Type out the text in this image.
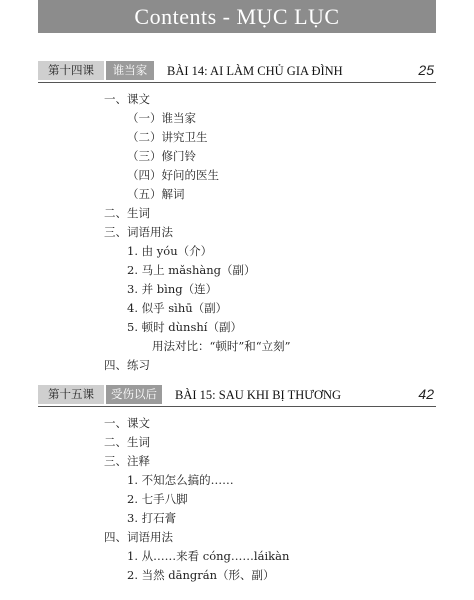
Contents - MỤC LỤC
第十四课	谁当家	BÀI 14: AI LÀM CHỦ GIA ĐÌNH	25
一、课文
（一）谁当家
（二）讲究卫生
（三）修门铃
（四）好问的医生
（五）解词
二、生词
三、词语用法
1. 由 yóu（介）
2. 马上 mǎshàng（副）
3. 并 bìng（连）
4. 似乎 sìhū（副）
5. 顿时 dùnshí（副）
用法对比：“顿时”和“立刻”
四、练习
第十五课	受伤以后	BÀI 15: SAU KHI BỊ THƯƠNG	42
一、课文
二、生词
三、注释
1. 不知怎么搞的……
2. 七手八脚
3. 打石膏
四、词语用法
1. 从……来看 cóng……láikàn
2. 当然 dāngrán（形、副）
